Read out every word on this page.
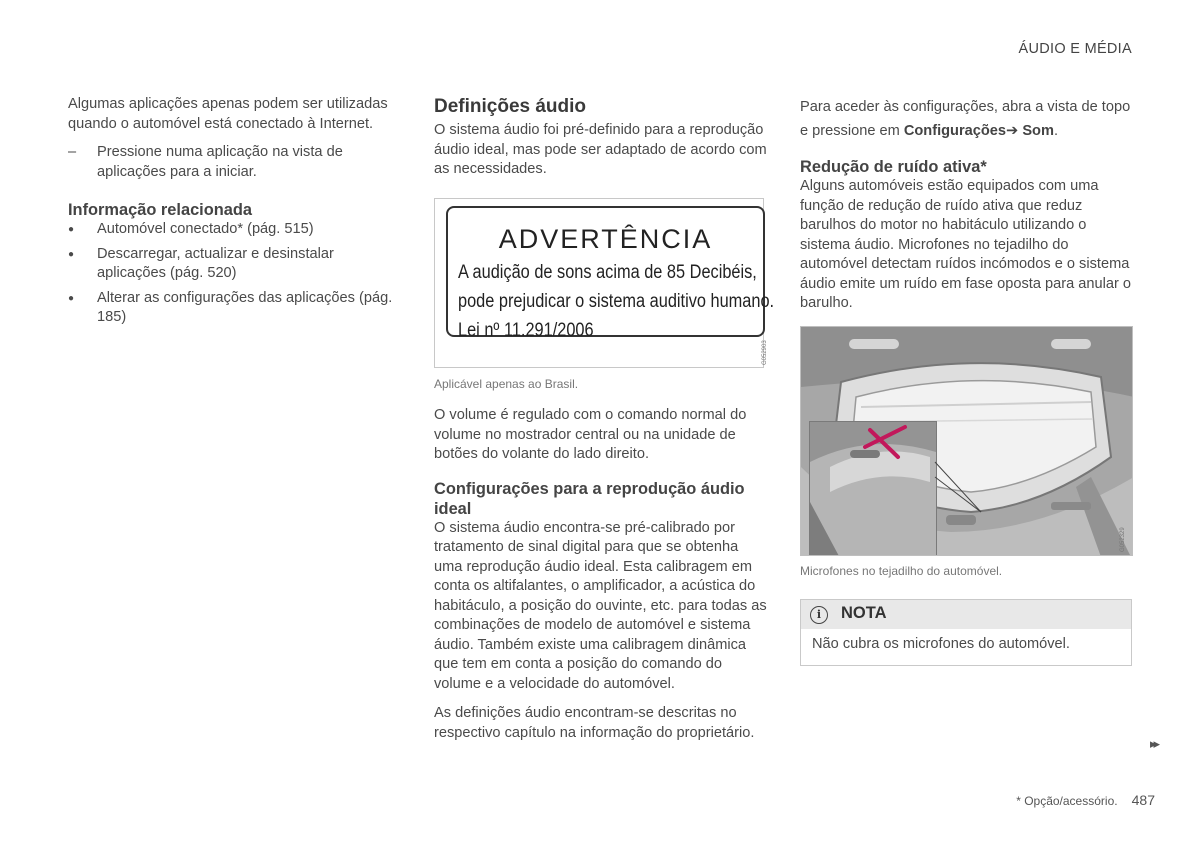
ÁUDIO E MÉDIA

Algumas aplicações apenas podem ser utilizadas quando o automóvel está conectado à Internet.

– Pressione numa aplicação na vista de aplicações para a iniciar.
Informação relacionada
● Automóvel conectado* (pág. 515)
● Descarregar, actualizar e desinstalar aplicações (pág. 520)
● Alterar as configurações das aplicações (pág. 185)
Definições áudio

O sistema áudio foi pré-definido para a reprodução áudio ideal, mas pode ser adaptado de acordo com as necessidades.

ADVERTÊNCIA
A audição de sons acima de 85 Decibéis,
pode prejudicar o sistema auditivo humano.
Lei nº 11.291/2006
G052903
Aplicável apenas ao Brasil.

O volume é regulado com o comando normal do volume no mostrador central ou na unidade de botões do volante do lado direito.

Configurações para a reprodução áudio ideal

O sistema áudio encontra-se pré-calibrado por tratamento de sinal digital para que se obtenha uma reprodução áudio ideal. Esta calibragem em conta os altifalantes, o amplificador, a acústica do habitáculo, a posição do ouvinte, etc. para todas as combinações de modelo de automóvel e sistema áudio. Também existe uma calibragem dinâmica que tem em conta a posição do comando do volume e a velocidade do automóvel.

As definições áudio encontram-se descritas no respectivo capítulo na informação do proprietário.

Para aceder às configurações, abra a vista de topo e pressione em Configurações➔ Som.

Redução de ruído ativa*

Alguns automóveis estão equipados com uma função de redução de ruído ativa que reduz barulhos do motor no habitáculo utilizando o sistema áudio. Microfones no tejadilho do automóvel detectam ruídos incómodos e o sistema áudio emite um ruído em fase oposta para anular o barulho.

G052329
Microfones no tejadilho do automóvel.
i	NOTA
Não cubra os microfones do automóvel.
▸▸
* Opção/acessório. 487
